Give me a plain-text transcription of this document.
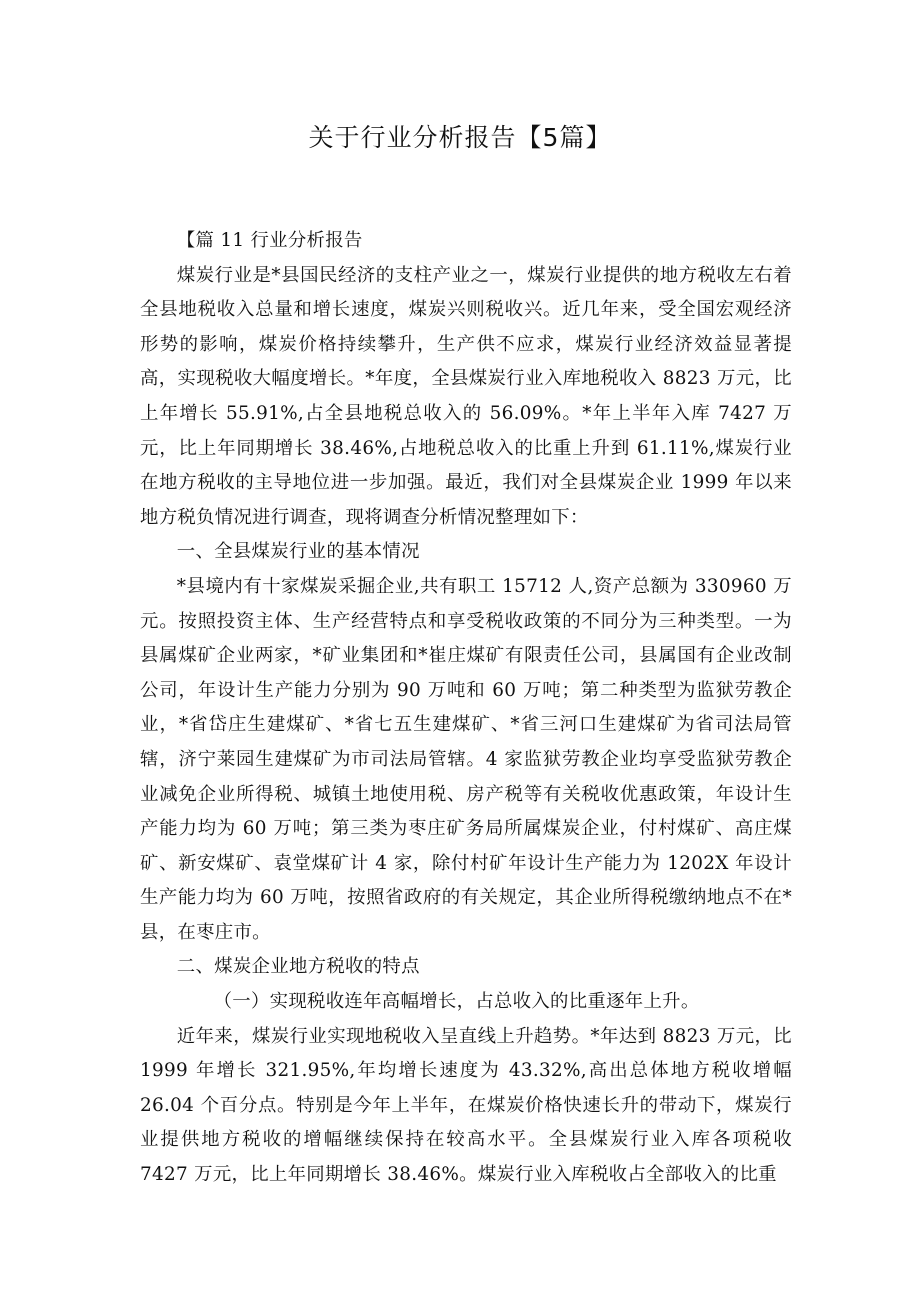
关于行业分析报告【5篇】

【篇 11 行业分析报告

煤炭行业是*县国民经济的支柱产业之一，煤炭行业提供的地方税收左右着全县地税收入总量和增长速度，煤炭兴则税收兴。近几年来，受全国宏观经济形势的影响，煤炭价格持续攀升，生产供不应求，煤炭行业经济效益显著提高，实现税收大幅度增长。*年度，全县煤炭行业入库地税收入 8823 万元，比上年增长 55.91%,占全县地税总收入的 56.09%。*年上半年入库 7427 万元，比上年同期增长 38.46%,占地税总收入的比重上升到 61.11%,煤炭行业在地方税收的主导地位进一步加强。最近，我们对全县煤炭企业 1999 年以来地方税负情况进行调查，现将调查分析情况整理如下：

一、全县煤炭行业的基本情况

*县境内有十家煤炭采掘企业,共有职工 15712 人,资产总额为 330960 万元。按照投资主体、生产经营特点和享受税收政策的不同分为三种类型。一为县属煤矿企业两家，*矿业集团和*崔庄煤矿有限责任公司，县属国有企业改制公司，年设计生产能力分别为 90 万吨和 60 万吨；第二种类型为监狱劳教企业，*省岱庄生建煤矿、*省七五生建煤矿、*省三河口生建煤矿为省司法局管辖，济宁莱园生建煤矿为市司法局管辖。4 家监狱劳教企业均享受监狱劳教企业减免企业所得税、城镇土地使用税、房产税等有关税收优惠政策，年设计生产能力均为 60 万吨；第三类为枣庄矿务局所属煤炭企业，付村煤矿、高庄煤矿、新安煤矿、袁堂煤矿计 4 家，除付村矿年设计生产能力为 1202X 年设计生产能力均为 60 万吨，按照省政府的有关规定，其企业所得税缴纳地点不在*县，在枣庄市。

二、煤炭企业地方税收的特点

（一）实现税收连年高幅增长，占总收入的比重逐年上升。

近年来，煤炭行业实现地税收入呈直线上升趋势。*年达到 8823 万元，比 1999 年增长 321.95%,年均增长速度为 43.32%,高出总体地方税收增幅 26.04 个百分点。特别是今年上半年，在煤炭价格快速长升的带动下，煤炭行业提供地方税收的增幅继续保持在较高水平。全县煤炭行业入库各项税收 7427 万元，比上年同期增长 38.46%。煤炭行业入库税收占全部收入的比重
